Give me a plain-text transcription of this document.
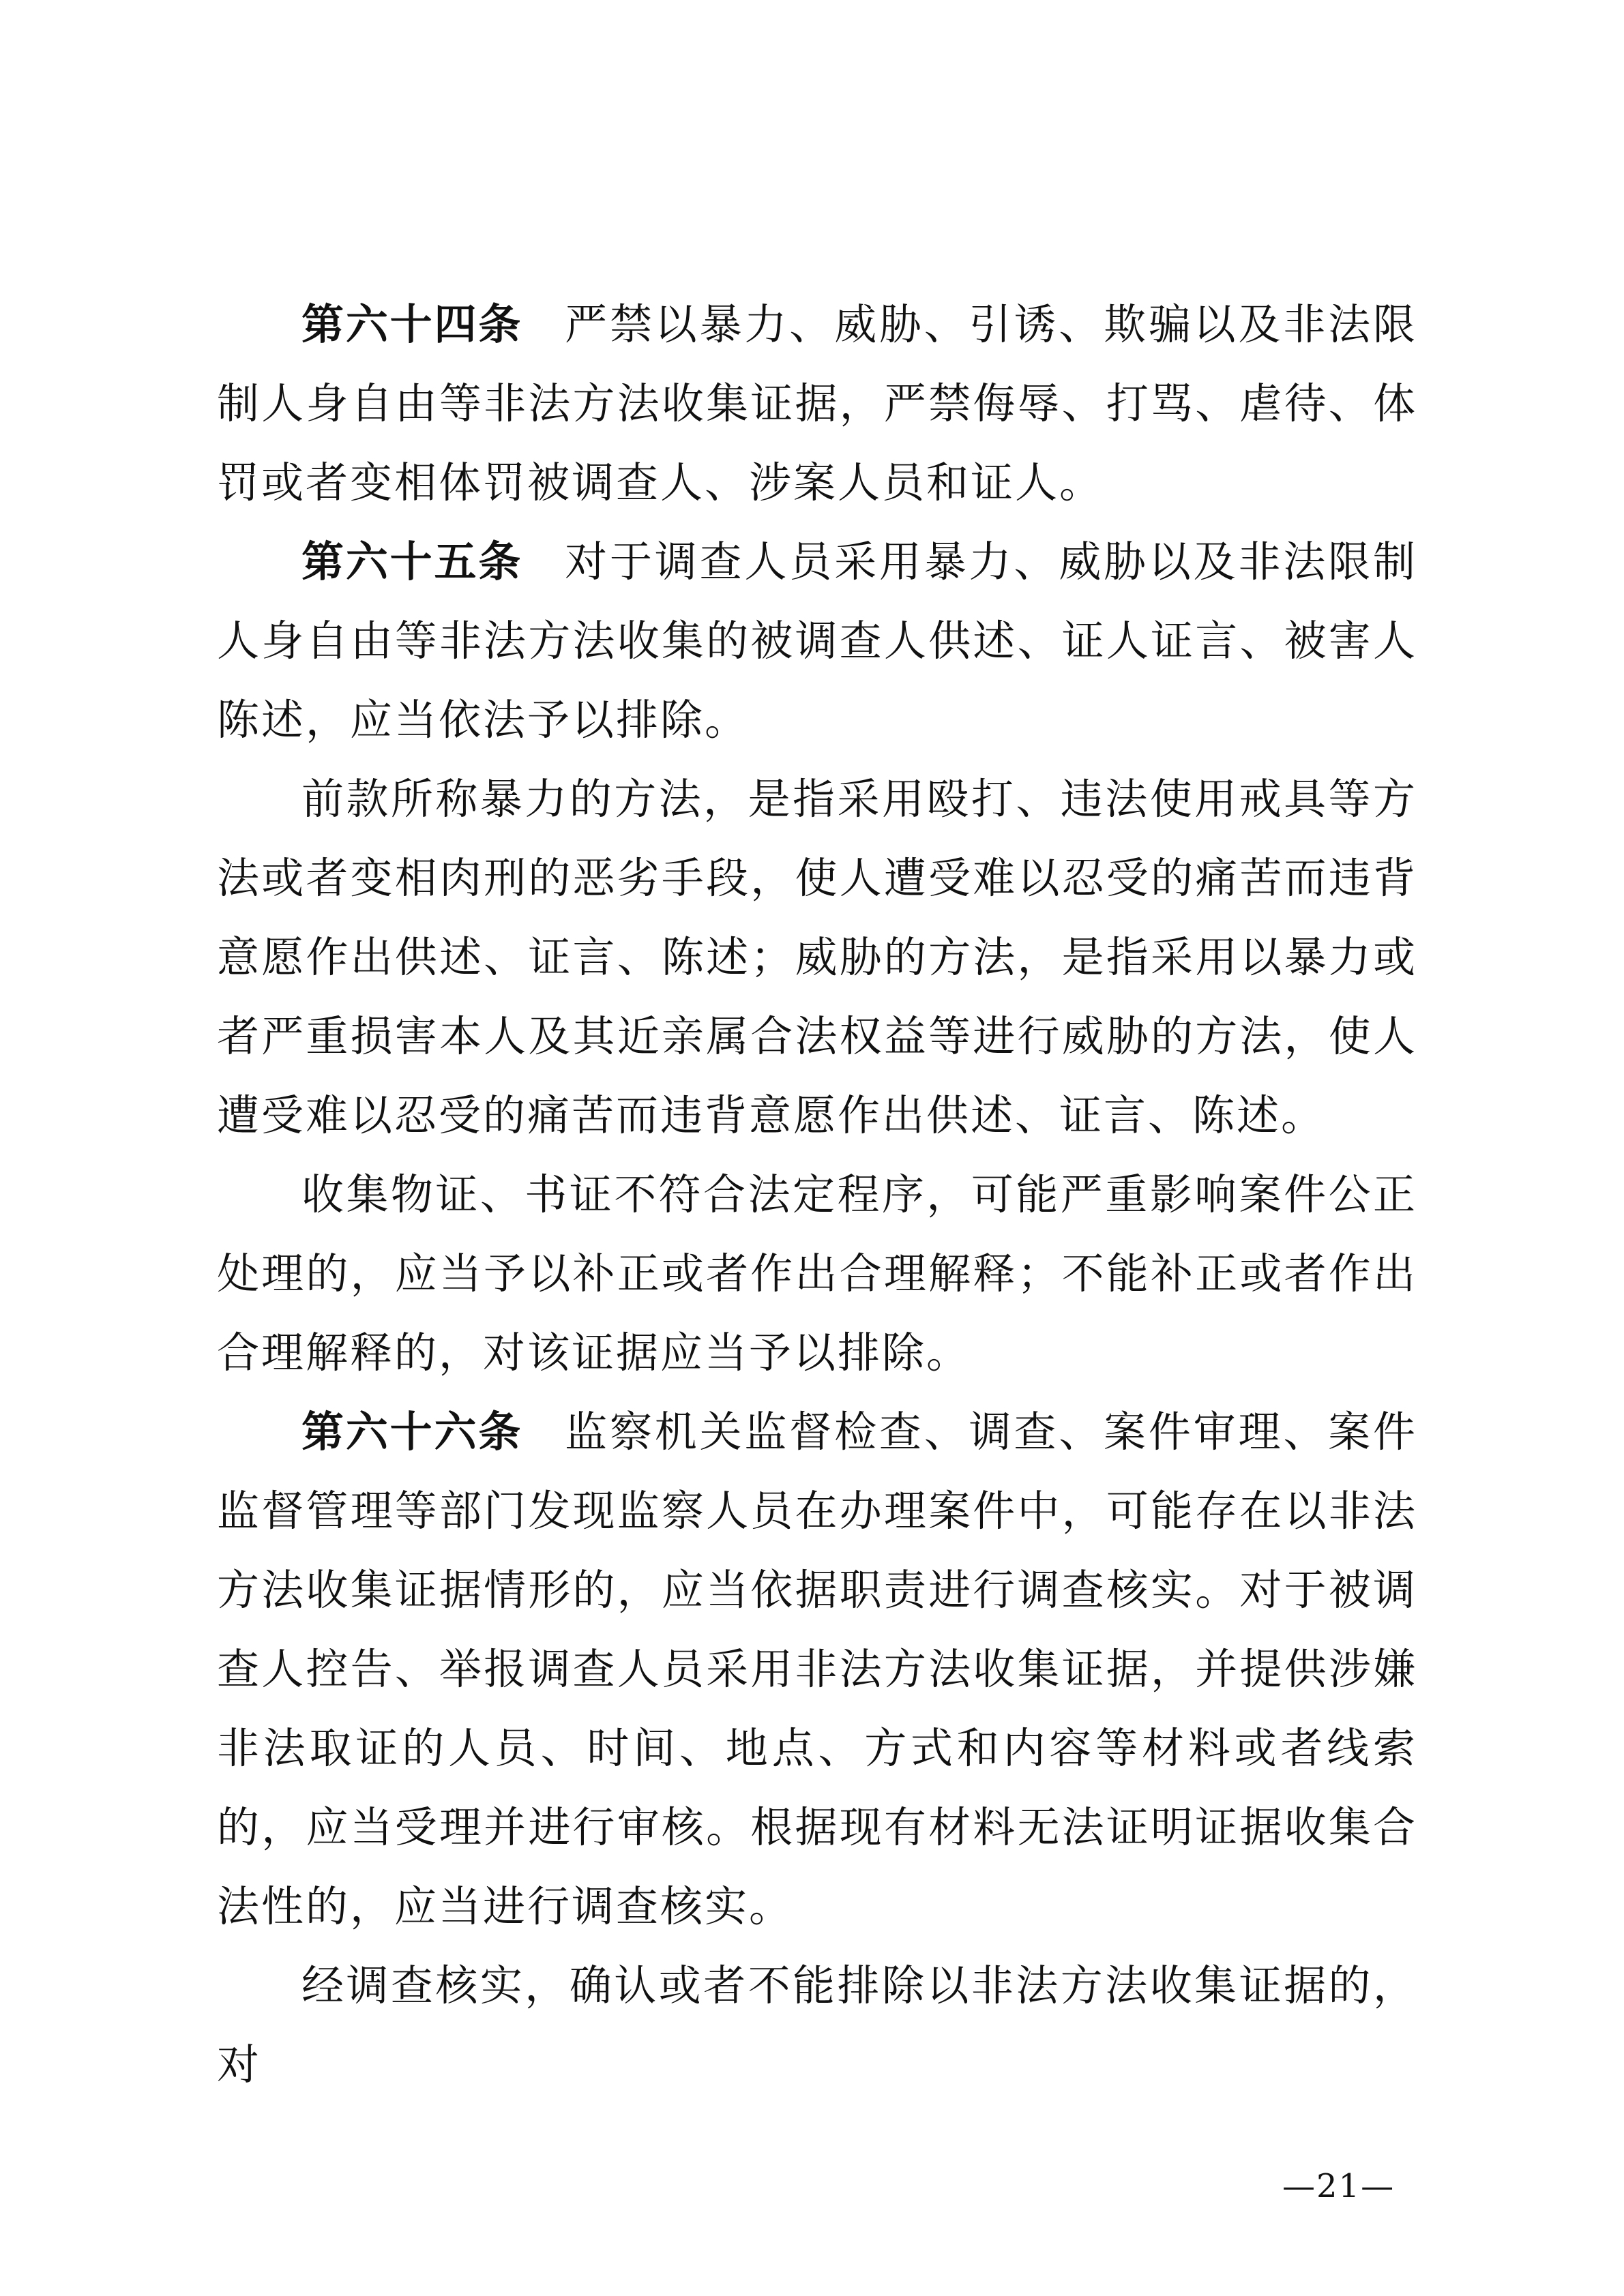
第六十四条 严禁以暴力、威胁、引诱、欺骗以及非法限制人身自由等非法方法收集证据，严禁侮辱、打骂、虐待、体罚或者变相体罚被调查人、涉案人员和证人。

第六十五条 对于调查人员采用暴力、威胁以及非法限制人身自由等非法方法收集的被调查人供述、证人证言、被害人陈述，应当依法予以排除。

前款所称暴力的方法，是指采用殴打、违法使用戒具等方法或者变相肉刑的恶劣手段，使人遭受难以忍受的痛苦而违背意愿作出供述、证言、陈述；威胁的方法，是指采用以暴力或者严重损害本人及其近亲属合法权益等进行威胁的方法，使人遭受难以忍受的痛苦而违背意愿作出供述、证言、陈述。

收集物证、书证不符合法定程序，可能严重影响案件公正处理的，应当予以补正或者作出合理解释；不能补正或者作出合理解释的，对该证据应当予以排除。

第六十六条 监察机关监督检查、调查、案件审理、案件监督管理等部门发现监察人员在办理案件中，可能存在以非法方法收集证据情形的，应当依据职责进行调查核实。对于被调查人控告、举报调查人员采用非法方法收集证据，并提供涉嫌非法取证的人员、时间、地点、方式和内容等材料或者线索的，应当受理并进行审核。根据现有材料无法证明证据收集合法性的，应当进行调查核实。

经调查核实，确认或者不能排除以非法方法收集证据的，对

—21—
